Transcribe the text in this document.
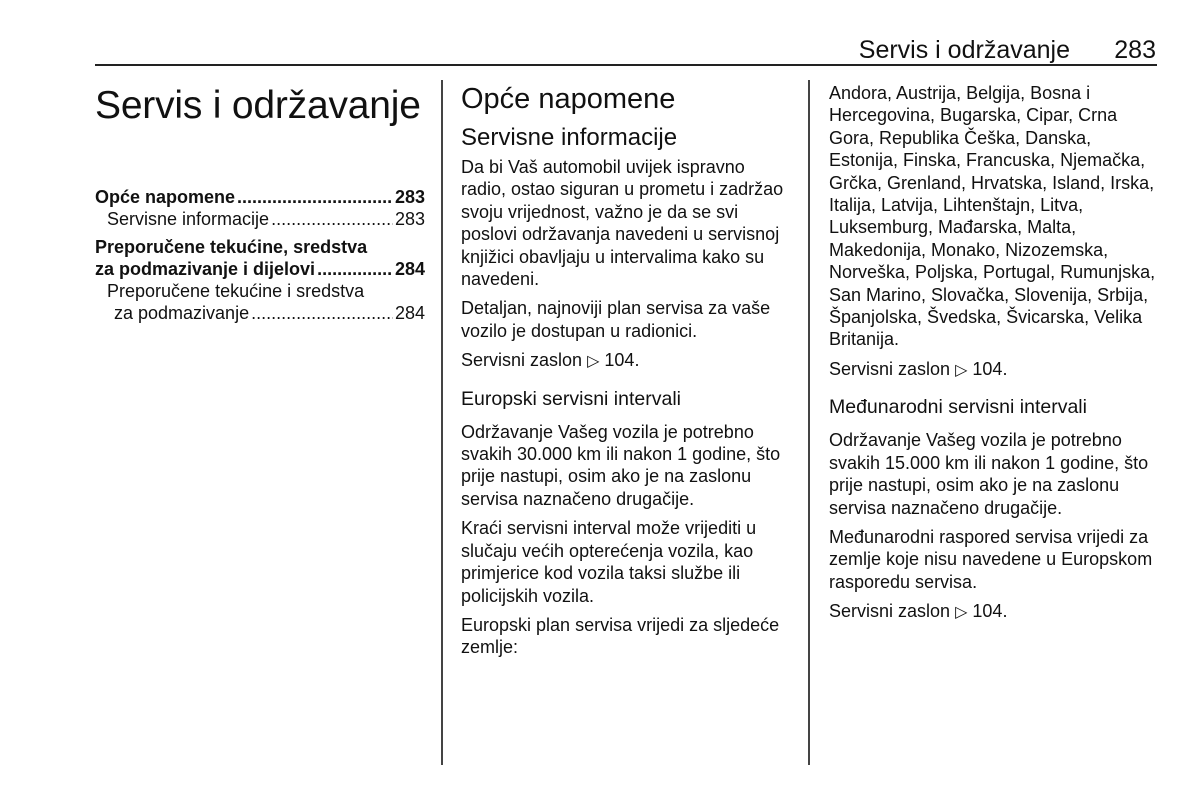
Servis i održavanje 283
Servis i održavanje
Opće napomene .....	283
Servisne informacije .....	283
Preporučene tekućine, sredstva
za podmazivanje i dijelovi .....	284
Preporučene tekućine i sredstva
za podmazivanje .....	284
Opće napomene
Servisne informacije

Da bi Vaš automobil uvijek ispravno radio, ostao siguran u prometu i zadržao svoju vrijednost, važno je da se svi poslovi održavanja navedeni u servisnoj knjižici obavljaju u intervalima kako su navedeni.

Detaljan, najnoviji plan servisa za vaše vozilo je dostupan u radionici.

Servisni zaslon ▷ 104.

Europski servisni intervali

Održavanje Vašeg vozila je potrebno svakih 30.000 km ili nakon 1 godine, što prije nastupi, osim ako je na zaslonu servisa naznačeno drugačije.

Kraći servisni interval može vrijediti u slučaju većih opterećenja vozila, kao primjerice kod vozila taksi službe ili policijskih vozila.

Europski plan servisa vrijedi za sljedeće zemlje:

Andora, Austrija, Belgija, Bosna i Hercegovina, Bugarska, Cipar, Crna Gora, Republika Češka, Danska, Estonija, Finska, Francuska, Njemačka, Grčka, Grenland, Hrvatska, Island, Irska, Italija, Latvija, Lihtenštajn, Litva, Luksemburg, Mađarska, Malta, Makedonija, Monako, Nizozemska, Norveška, Poljska, Portugal, Rumunjska, San Marino, Slovačka, Slovenija, Srbija, Španjolska, Švedska, Švicarska, Velika Britanija.

Servisni zaslon ▷ 104.

Međunarodni servisni intervali

Održavanje Vašeg vozila je potrebno svakih 15.000 km ili nakon 1 godine, što prije nastupi, osim ako je na zaslonu servisa naznačeno drugačije.

Međunarodni raspored servisa vrijedi za zemlje koje nisu navedene u Europskom rasporedu servisa.

Servisni zaslon ▷ 104.
